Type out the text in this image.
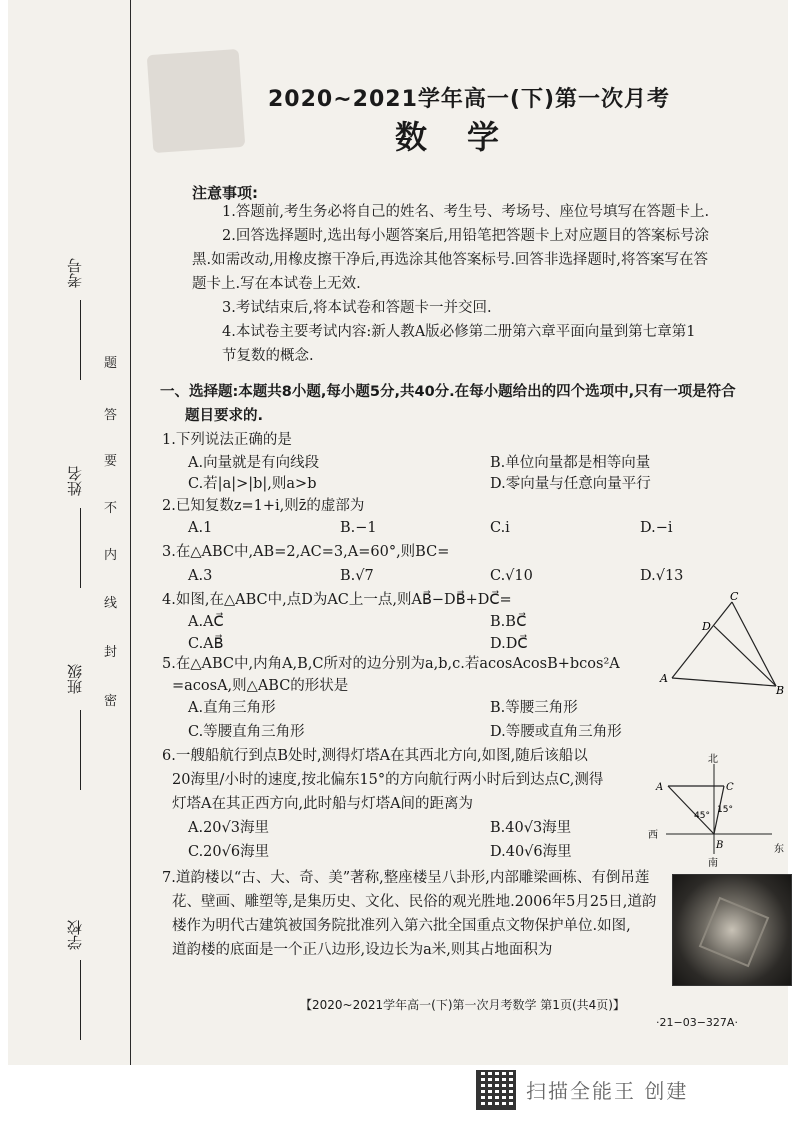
考号
姓名
班级
学校
题
答
要
不
内
线
封
密
2020~2021学年高一(下)第一次月考
数学
注意事项:
1.答题前,考生务必将自己的姓名、考生号、考场号、座位号填写在答题卡上.
2.回答选择题时,选出每小题答案后,用铅笔把答题卡上对应题目的答案标号涂
黑.如需改动,用橡皮擦干净后,再选涂其他答案标号.回答非选择题时,将答案写在答
题卡上.写在本试卷上无效.
3.考试结束后,将本试卷和答题卡一并交回.
4.本试卷主要考试内容:新人教A版必修第二册第六章平面向量到第七章第1
节复数的概念.
一、选择题:本题共8小题,每小题5分,共40分.在每小题给出的四个选项中,只有一项是符合
题目要求的.
1.下列说法正确的是
A.向量就是有向线段	B.单位向量都是相等向量
C.若|a|>|b|,则a>b	D.零向量与任意向量平行
2.已知复数z=1+i,则z̄的虚部为
A.1	B.−1	C.i	D.−i
3.在△ABC中,AB=2,AC=3,A=60°,则BC=
A.3	B.√7	C.√10	D.√13
4.如图,在△ABC中,点D为AC上一点,则AB⃗−DB⃗+DC⃗=
A.AC⃗	B.BC⃗
C.AB⃗	D.DC⃗
A
B
C
D
5.在△ABC中,内角A,B,C所对的边分别为a,b,c.若acosAcosB+bcos²A
=acosA,则△ABC的形状是
A.直角三角形	B.等腰三角形
C.等腰直角三角形	D.等腰或直角三角形
6.一艘船航行到点B处时,测得灯塔A在其西北方向,如图,随后该船以
20海里/小时的速度,按北偏东15°的方向航行两小时后到达点C,测得
灯塔A在其正西方向,此时船与灯塔A间的距离为
A.20√3海里	B.40√3海里
C.20√6海里	D.40√6海里
北
A	C
45°
15°
西
B	东
南
7.道韵楼以“古、大、奇、美”著称,整座楼呈八卦形,内部雕梁画栋、有倒吊莲
花、壁画、雕塑等,是集历史、文化、民俗的观光胜地.2006年5月25日,道韵
楼作为明代古建筑被国务院批准列入第六批全国重点文物保护单位.如图,
道韵楼的底面是一个正八边形,设边长为a米,则其占地面积为
【2020~2021学年高一(下)第一次月考数学 第1页(共4页)】
·21−03−327A·
扫描全能王 创建
